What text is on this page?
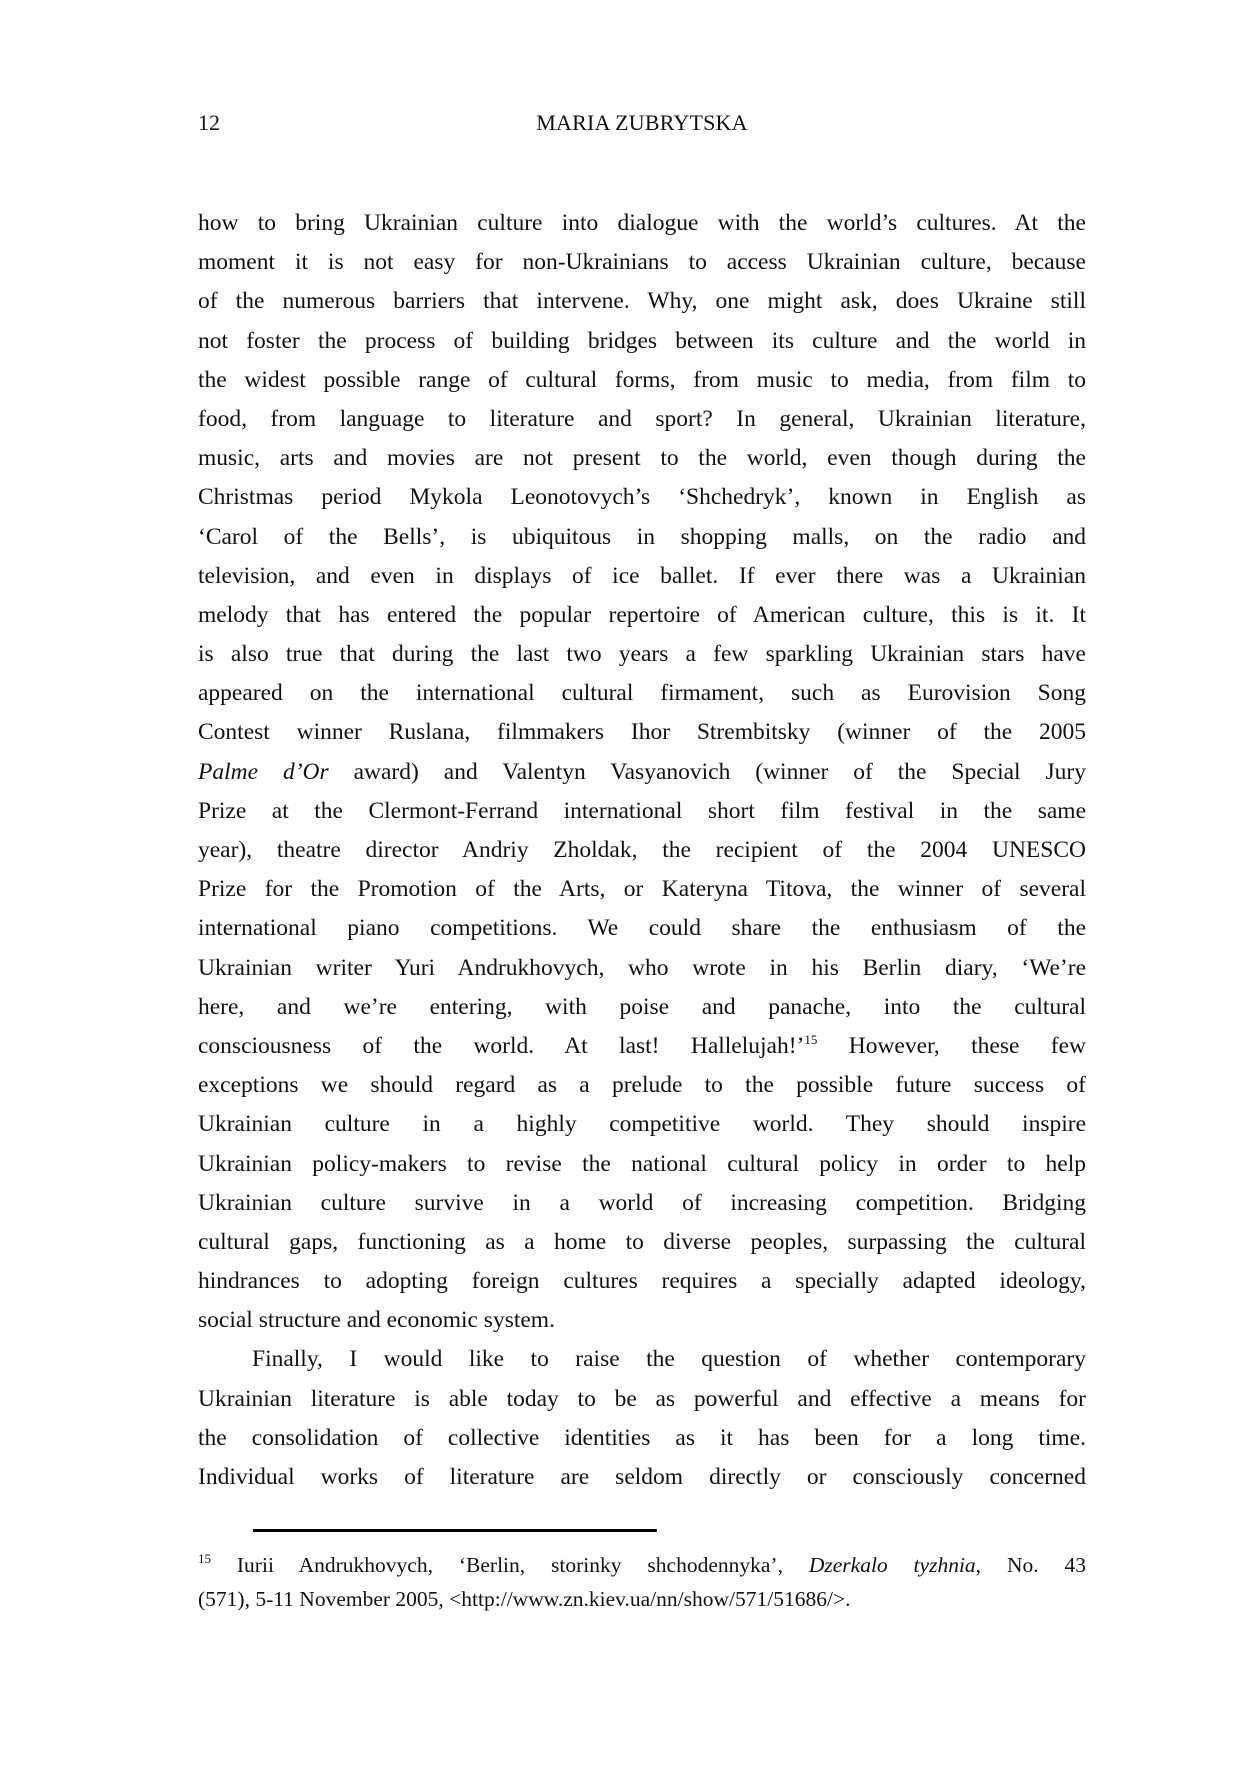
12	MARIA ZUBRYTSKA
how to bring Ukrainian culture into dialogue with the world’s cultures. At the
moment it is not easy for non-Ukrainians to access Ukrainian culture, because
of the numerous barriers that intervene. Why, one might ask, does Ukraine still
not foster the process of building bridges between its culture and the world in
the widest possible range of cultural forms, from music to media, from film to
food, from language to literature and sport? In general, Ukrainian literature,
music, arts and movies are not present to the world, even though during the
Christmas period Mykola Leonotovych’s ‘Shchedryk’, known in English as
‘Carol of the Bells’, is ubiquitous in shopping malls, on the radio and
television, and even in displays of ice ballet. If ever there was a Ukrainian
melody that has entered the popular repertoire of American culture, this is it. It
is also true that during the last two years a few sparkling Ukrainian stars have
appeared on the international cultural firmament, such as Eurovision Song
Contest winner Ruslana, filmmakers Ihor Strembitsky (winner of the 2005
Palme d’Or award) and Valentyn Vasyanovich (winner of the Special Jury
Prize at the Clermont-Ferrand international short film festival in the same
year), theatre director Andriy Zholdak, the recipient of the 2004 UNESCO
Prize for the Promotion of the Arts, or Kateryna Titova, the winner of several
international piano competitions. We could share the enthusiasm of the
Ukrainian writer Yuri Andrukhovych, who wrote in his Berlin diary, ‘We’re
here, and we’re entering, with poise and panache, into the cultural
consciousness of the world. At last! Hallelujah!’$^{15}$ However, these few
exceptions we should regard as a prelude to the possible future success of
Ukrainian culture in a highly competitive world. They should inspire
Ukrainian policy-makers to revise the national cultural policy in order to help
Ukrainian culture survive in a world of increasing competition. Bridging
cultural gaps, functioning as a home to diverse peoples, surpassing the cultural
hindrances to adopting foreign cultures requires a specially adapted ideology,
social structure and economic system.
Finally, I would like to raise the question of whether contemporary
Ukrainian literature is able today to be as powerful and effective a means for
the consolidation of collective identities as it has been for a long time.
Individual works of literature are seldom directly or consciously concerned
$^{15}$ Iurii Andrukhovych, ‘Berlin, storinky shchodennyka’, Dzerkalo tyzhnia, No. 43
(571), 5-11 November 2005, <http://www.zn.kiev.ua/nn/show/571/51686/>.
